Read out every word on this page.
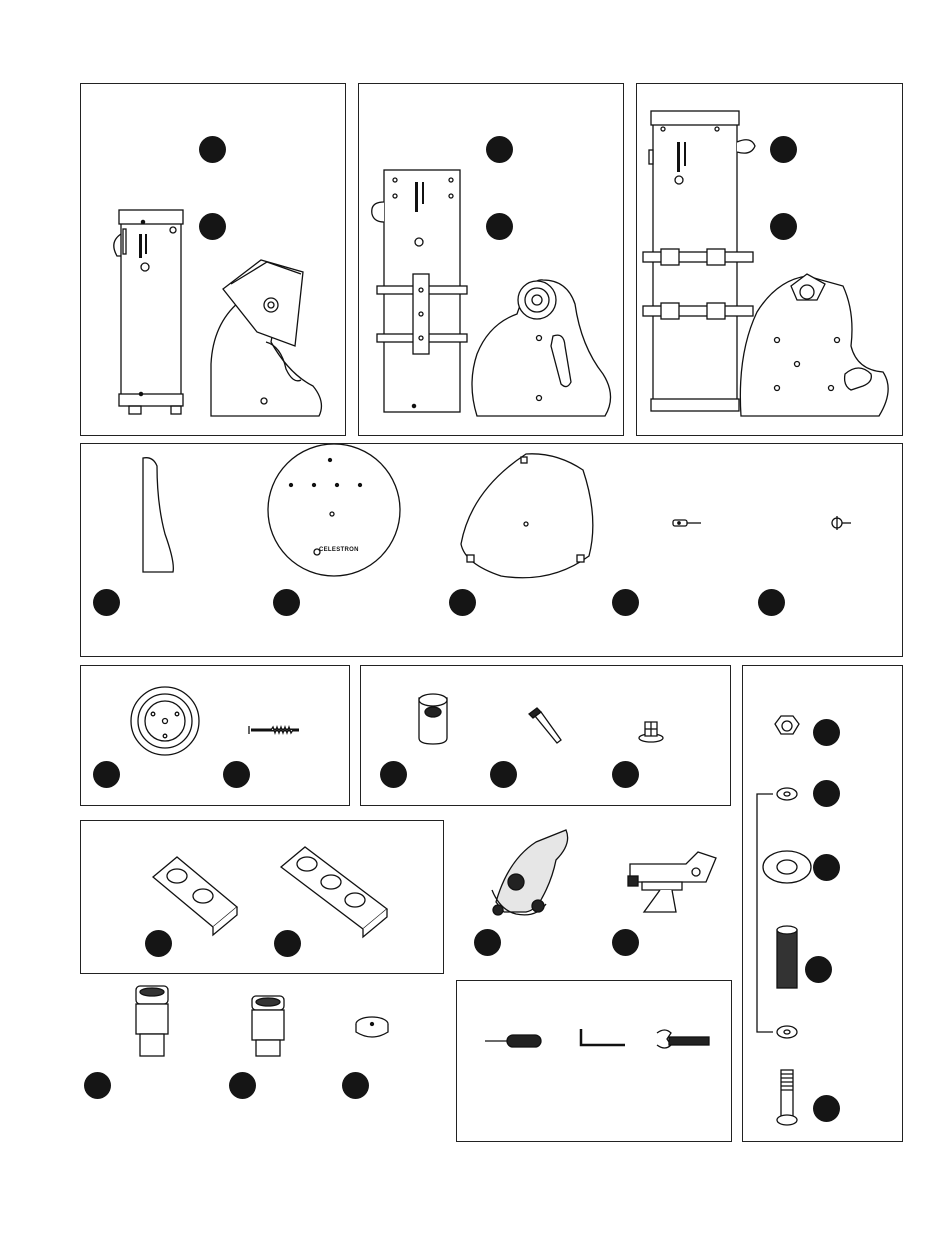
CELESTRON
